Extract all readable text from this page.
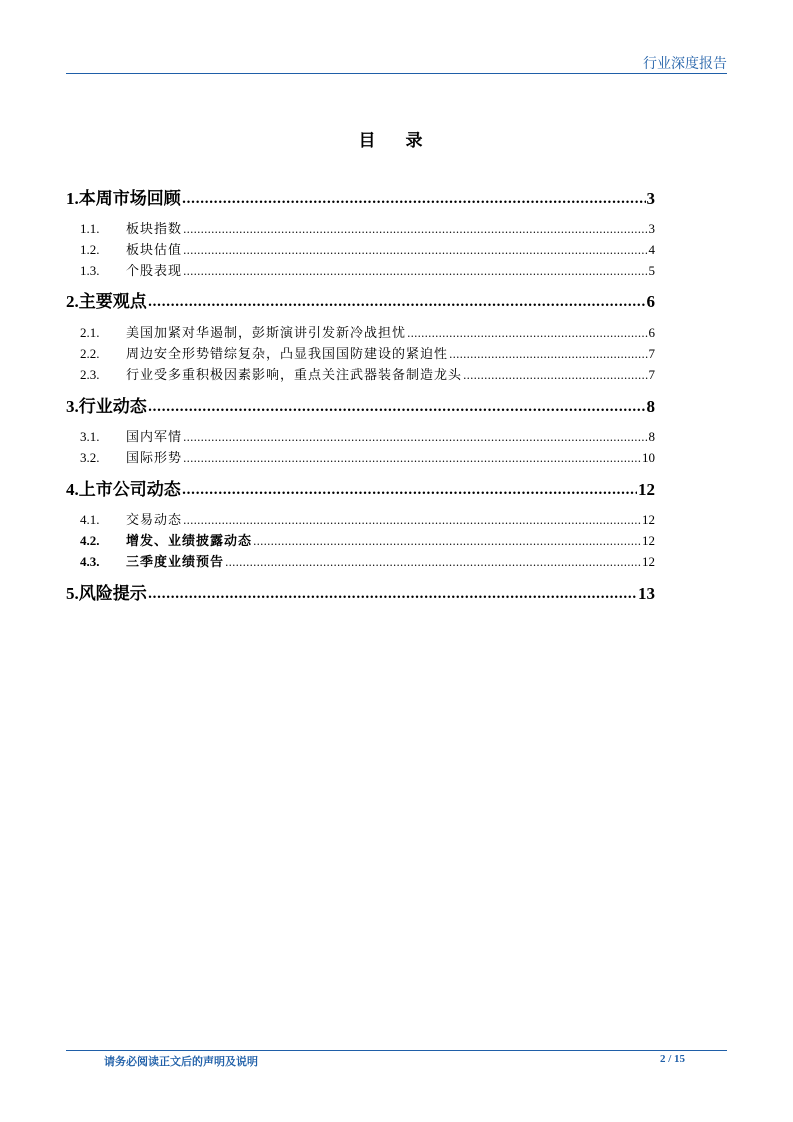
行业深度报告
目 录
1. 本周市场回顾 .....	3
1.1.	板块指数 .....	3
1.2.	板块估值 .....	4
1.3.	个股表现 .....	5
2. 主要观点 .....	6
2.1.	美国加紧对华遏制，彭斯演讲引发新冷战担忧 .....	6
2.2.	周边安全形势错综复杂，凸显我国国防建设的紧迫性 .....	7
2.3.	行业受多重积极因素影响，重点关注武器装备制造龙头 .....	7
3. 行业动态 .....	8
3.1.	国内军情 .....	8
3.2.	国际形势 .....	10
4. 上市公司动态 .....	12
4.1.	交易动态 .....	12
4.2.	增发、业绩披露动态 .....	12
4.3.	三季度业绩预告 .....	12
5. 风险提示 .....	13
请务必阅读正文后的声明及说明	2 / 15
